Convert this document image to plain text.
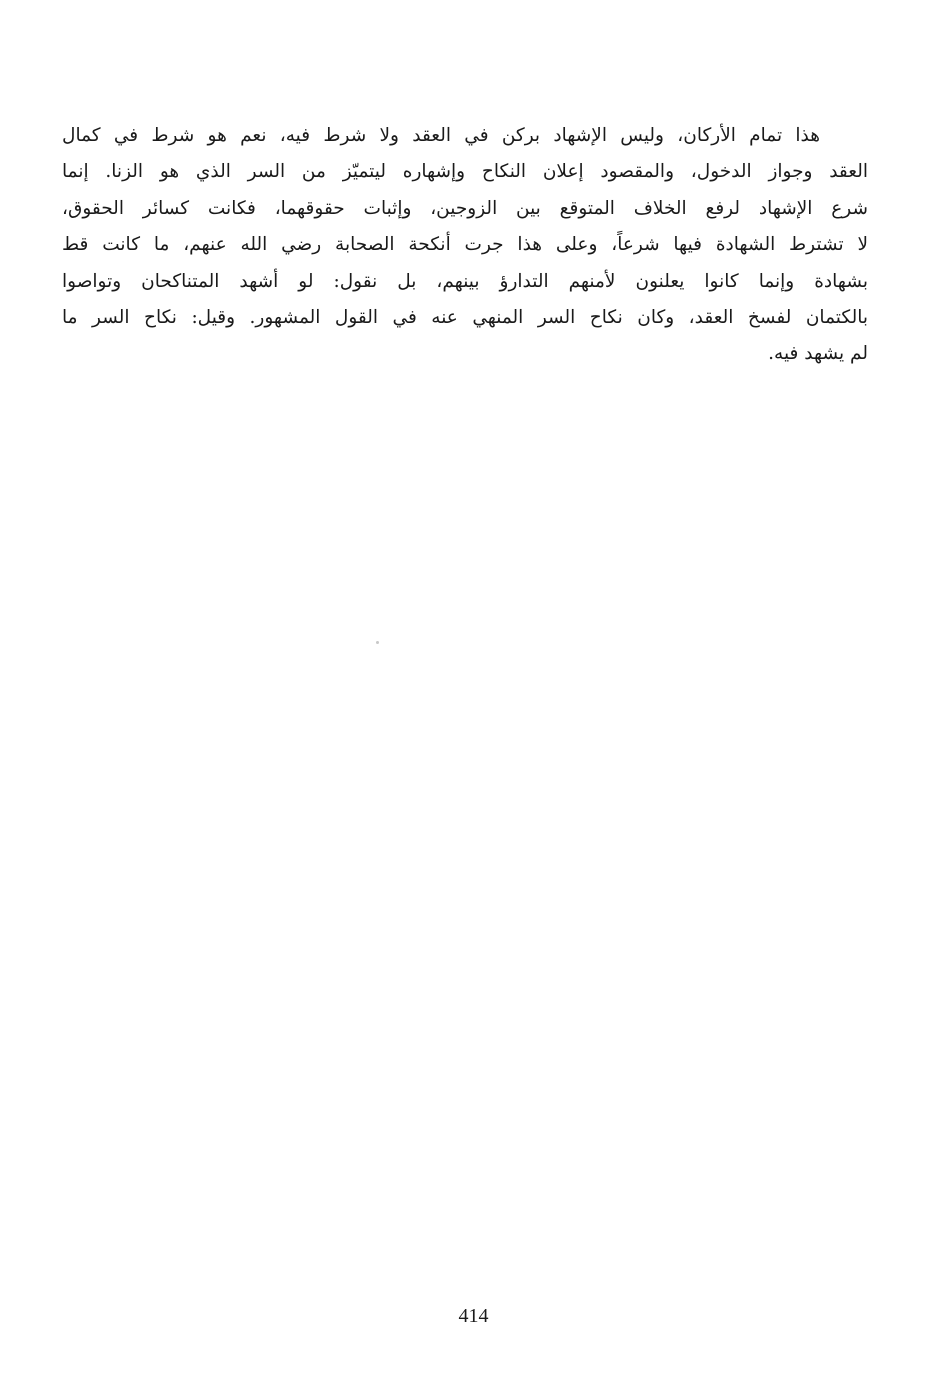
هذا تمام الأركان، وليس الإشهاد بركن في العقد ولا شرط فيه، نعم هو شرط في كمال
العقد وجواز الدخول، والمقصود إعلان النكاح وإشهاره ليتميّز من السر الذي هو الزنا. إنما
شرع الإشهاد لرفع الخلاف المتوقع بين الزوجين، وإثبات حقوقهما، فكانت كسائر الحقوق،
لا تشترط الشهادة فيها شرعاً، وعلى هذا جرت أنكحة الصحابة رضي الله عنهم، ما كانت قط
بشهادة وإنما كانوا يعلنون لأمنهم التدارؤ بينهم، بل نقول: لو أشهد المتناكحان وتواصوا
بالكتمان لفسخ العقد، وكان نكاح السر المنهي عنه في القول المشهور. وقيل: نكاح السر ما
لم يشهد فيه.
414
